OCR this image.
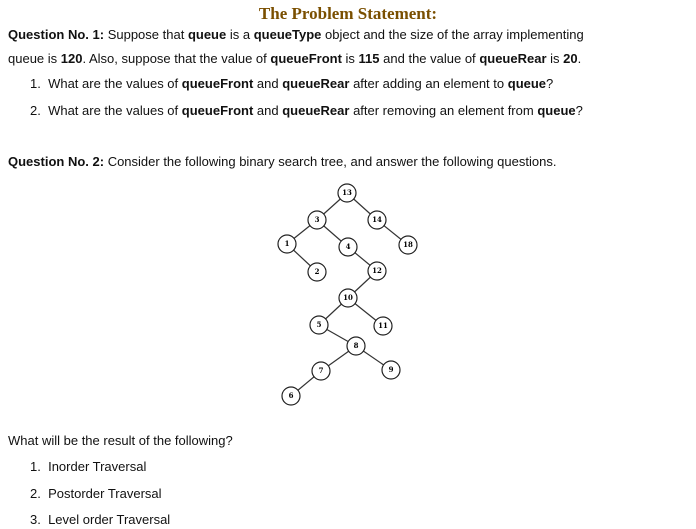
The Problem Statement:
Question No. 1: Suppose that queue is a queueType object and the size of the array implementing
queue is 120. Also, suppose that the value of queueFront is 115 and the value of queueRear is 20.
1. What are the values of queueFront and queueRear after adding an element to queue?
2. What are the values of queueFront and queueRear after removing an element from queue?
Question No. 2: Consider the following binary search tree, and answer the following questions.
13
3	14
1	4	18
2	12
10
5	11
8
7	9
6
What will be the result of the following?
1. Inorder Traversal
2. Postorder Traversal
3. Level order Traversal
